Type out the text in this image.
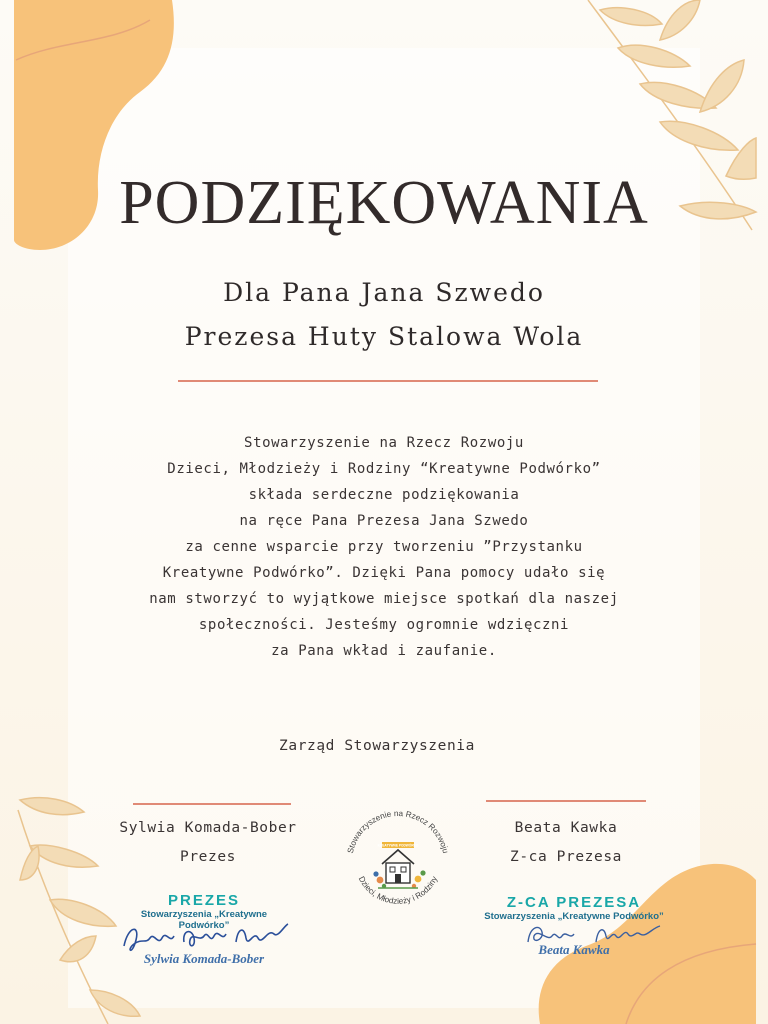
PODZIĘKOWANIA
Dla Pana Jana Szwedo
Prezesa Huty Stalowa Wola
Stowarzyszenie na Rzecz Rozwoju
Dzieci, Młodzieży i Rodziny “Kreatywne Podwórko”
składa serdeczne podziękowania
na ręce Pana Prezesa Jana Szwedo
za cenne wsparcie przy tworzeniu ”Przystanku
Kreatywne Podwórko”. Dzięki Pana pomocy udało się
nam stworzyć to wyjątkowe miejsce spotkań dla naszej
społeczności. Jesteśmy ogromnie wdzięczni
za Pana wkład i zaufanie.
Zarząd Stowarzyszenia
Sylwia Komada-Bober
Prezes
Beata Kawka
Z-ca Prezesa
Stowarzyszenie na Rzecz Rozwoju
Dzieci, Młodzieży i Rodziny
KREATYWNE PODWÓRKO
PREZES
Stowarzyszenia „Kreatywne Podwórko”
Sylwia Komada-Bober
Z-CA PREZESA
Stowarzyszenia „Kreatywne Podwórko”
Beata Kawka
